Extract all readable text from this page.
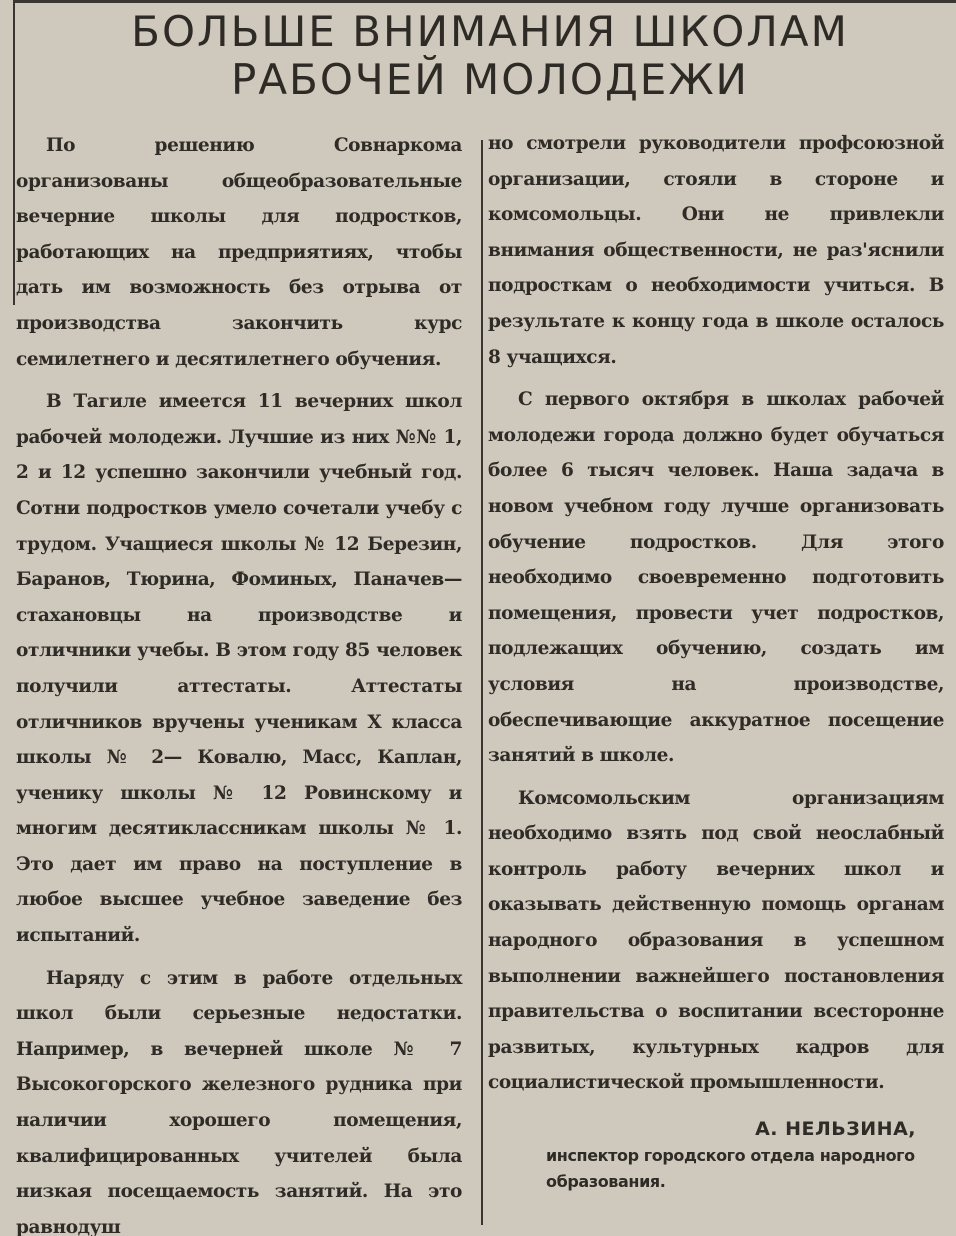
БОЛЬШЕ ВНИМАНИЯ ШКОЛАМ
РАБОЧЕЙ МОЛОДЕЖИ

По решению Совнаркома организованы общеобразовательные вечерние школы для подростков, работающих на предприятиях, чтобы дать им возможность без отрыва от производства закончить курс семилетнего и десятилетнего обучения.

В Тагиле имеется 11 вечерних школ рабочей молодежи. Лучшие из них №№ 1, 2 и 12 успешно закончили учебный год. Сотни подростков умело сочетали учебу с трудом. Учащиеся школы № 12 Березин, Баранов, Тюрина, Фоминых, Паначев—стахановцы на производстве и отличники учебы. В этом году 85 человек получили аттестаты. Аттестаты отличников вручены ученикам X класса школы № 2— Ковалю, Масс, Каплан, ученику школы № 12 Ровинскому и многим десятиклассникам школы № 1. Это дает им право на поступление в любое высшее учебное заведение без испытаний.

Наряду с этим в работе отдельных школ были серьезные недостатки. Например, в вечерней школе № 7 Высокогорского железного рудника при наличии хорошего помещения, квалифицированных учителей была низкая посещаемость занятий. На это равнодуш

но смотрели руководители профсоюзной организации, стояли в стороне и комсомольцы. Они не привлекли внимания общественности, не раз'яснили подросткам о необходимости учиться. В результате к концу года в школе осталось 8 учащихся.

С первого октября в школах рабочей молодежи города должно будет обучаться более 6 тысяч человек. Наша задача в новом учебном году лучше организовать обучение подростков. Для этого необходимо своевременно подготовить помещения, провести учет подростков, подлежащих обучению, создать им условия на производстве, обеспечивающие аккуратное посещение занятий в школе.

Комсомольским организациям необходимо взять под свой неослабный контроль работу вечерних школ и оказывать действенную помощь органам народного образования в успешном выполнении важнейшего постановления правительства о воспитании всесторонне развитых, культурных кадров для социалистической промышленности.

А. НЕЛЬЗИНА,
инспектор городского отдела народного образования.
